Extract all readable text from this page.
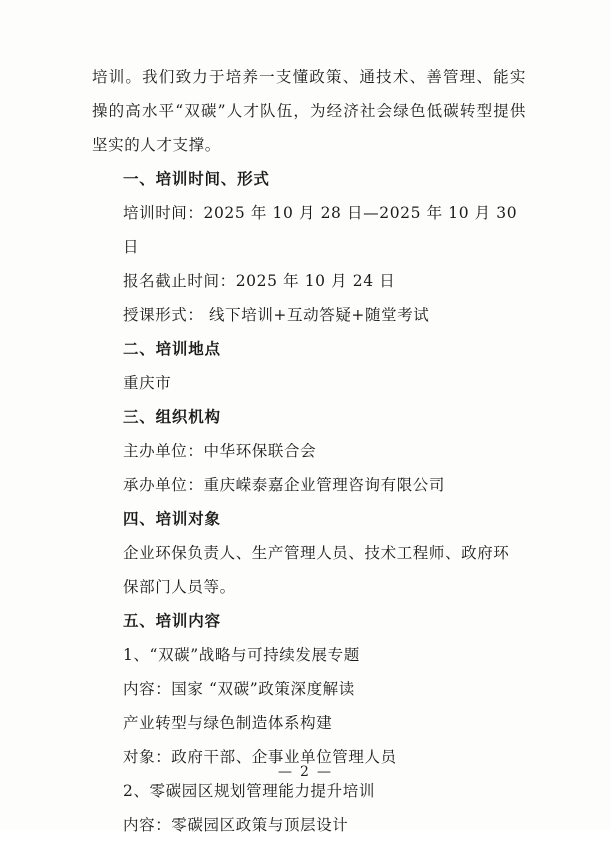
培训。我们致力于培养一支懂政策、通技术、善管理、能实操的高水平“双碳”人才队伍，为经济社会绿色低碳转型提供坚实的人才支撑。

一、培训时间、形式

培训时间：2025 年 10 月 28 日—2025 年 10 月 30 日

报名截止时间：2025 年 10 月 24 日

授课形式： 线下培训+互动答疑+随堂考试

二、培训地点

重庆市

三、组织机构

主办单位：中华环保联合会

承办单位：重庆嵘泰嘉企业管理咨询有限公司

四、培训对象

企业环保负责人、生产管理人员、技术工程师、政府环

保部门人员等。

五、培训内容

1、“双碳”战略与可持续发展专题

内容：国家 “双碳”政策深度解读

产业转型与绿色制造体系构建

对象：政府干部、企事业单位管理人员

2、零碳园区规划管理能力提升培训

内容：零碳园区政策与顶层设计

— 2 —
